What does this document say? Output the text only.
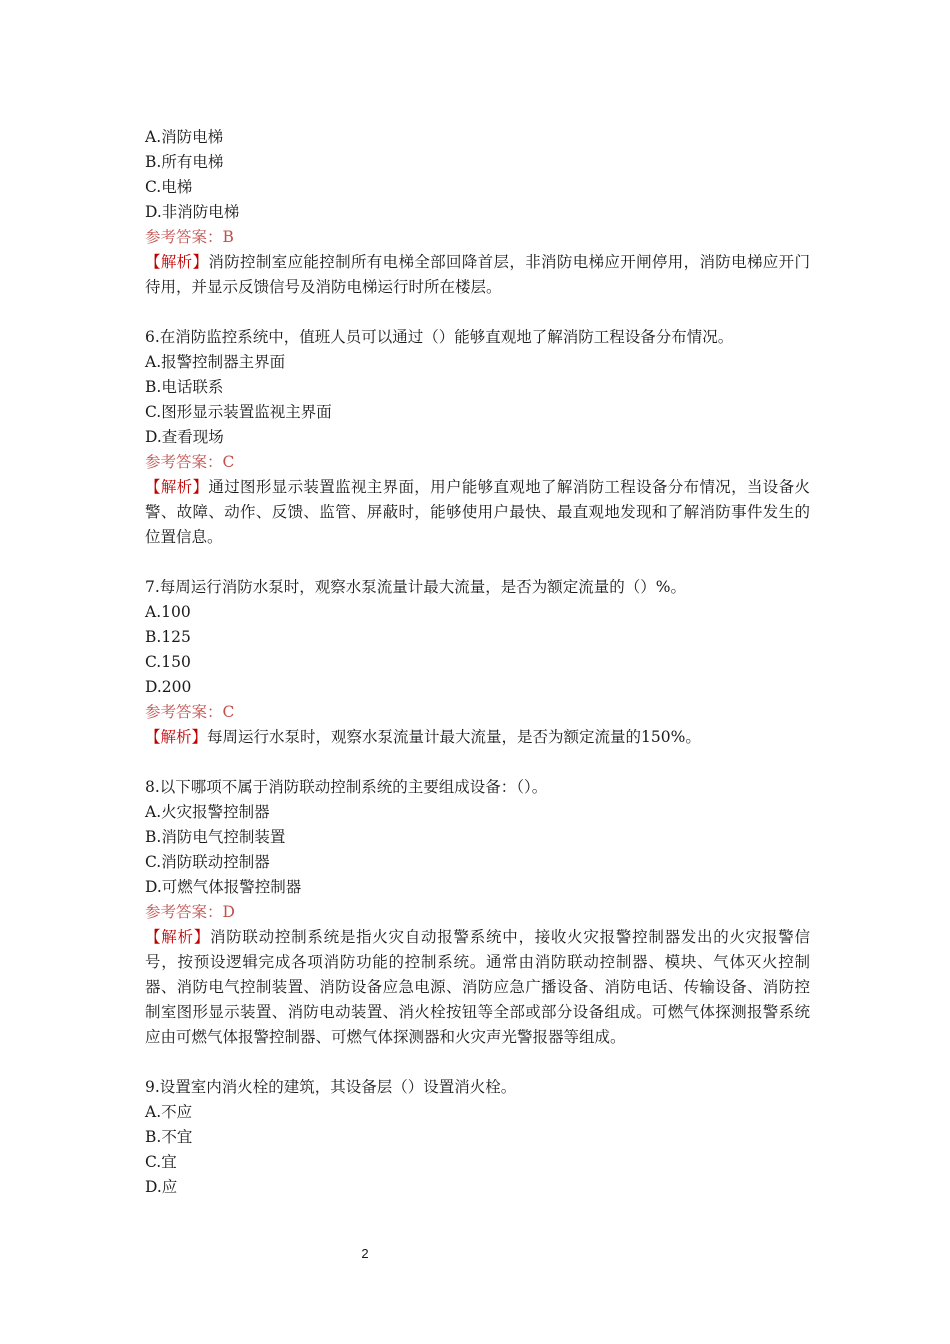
A.消防电梯
B.所有电梯
C.电梯
D.非消防电梯
参考答案：B
【解析】消防控制室应能控制所有电梯全部回降首层，非消防电梯应开闸停用，消防电梯应开门待用，并显示反馈信号及消防电梯运行时所在楼层。
6.在消防监控系统中，值班人员可以通过（）能够直观地了解消防工程设备分布情况。
A.报警控制器主界面
B.电话联系
C.图形显示装置监视主界面
D.查看现场
参考答案：C
【解析】通过图形显示装置监视主界面，用户能够直观地了解消防工程设备分布情况，当设备火警、故障、动作、反馈、监管、屏蔽时，能够使用户最快、最直观地发现和了解消防事件发生的位置信息。
7.每周运行消防水泵时，观察水泵流量计最大流量，是否为额定流量的（）%。
A.100
B.125
C.150
D.200
参考答案：C
【解析】每周运行水泵时，观察水泵流量计最大流量，是否为额定流量的150%。
8.以下哪项不属于消防联动控制系统的主要组成设备：（）。
A.火灾报警控制器
B.消防电气控制装置
C.消防联动控制器
D.可燃气体报警控制器
参考答案：D
【解析】消防联动控制系统是指火灾自动报警系统中，接收火灾报警控制器发出的火灾报警信号，按预设逻辑完成各项消防功能的控制系统。通常由消防联动控制器、模块、气体灭火控制器、消防电气控制装置、消防设备应急电源、消防应急广播设备、消防电话、传输设备、消防控制室图形显示装置、消防电动装置、消火栓按钮等全部或部分设备组成。可燃气体探测报警系统应由可燃气体报警控制器、可燃气体探测器和火灾声光警报器等组成。
9.设置室内消火栓的建筑，其设备层（）设置消火栓。
A.不应
B.不宜
C.宜
D.应
2
